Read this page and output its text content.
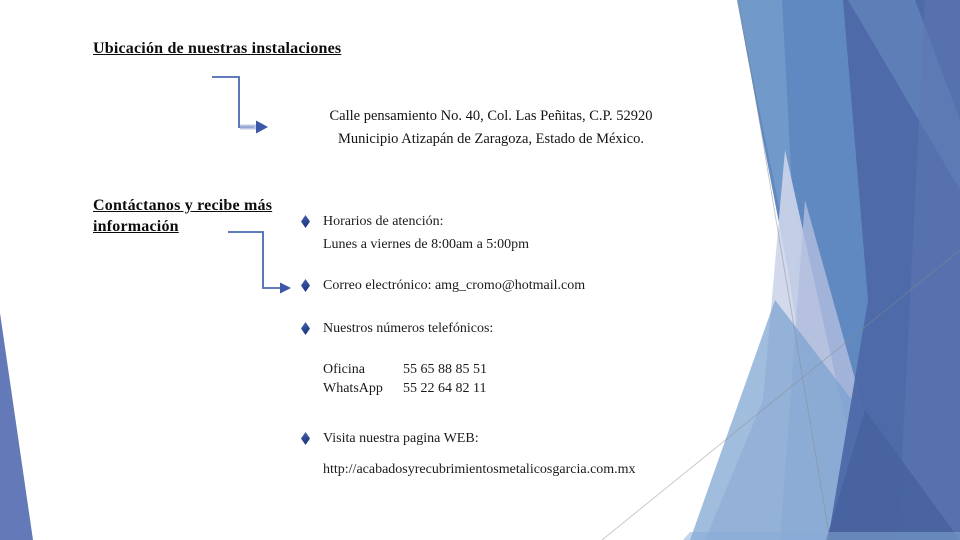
Ubicación de nuestras instalaciones
Calle pensamiento No. 40, Col. Las Peñitas, C.P. 52920
Municipio Atizapán de Zaragoza, Estado de México.
Contáctanos y recibe más
información	Horarios de atención:
Lunes a viernes de 8:00am a 5:00pm
Correo electrónico: amg_cromo@hotmail.com
Nuestros números telefónicos:
Oficina	55 65 88 85 51
WhatsApp	55 22 64 82 11
Visita nuestra pagina WEB:
http://acabadosyrecubrimientosmetalicosgarcia.com.mx
